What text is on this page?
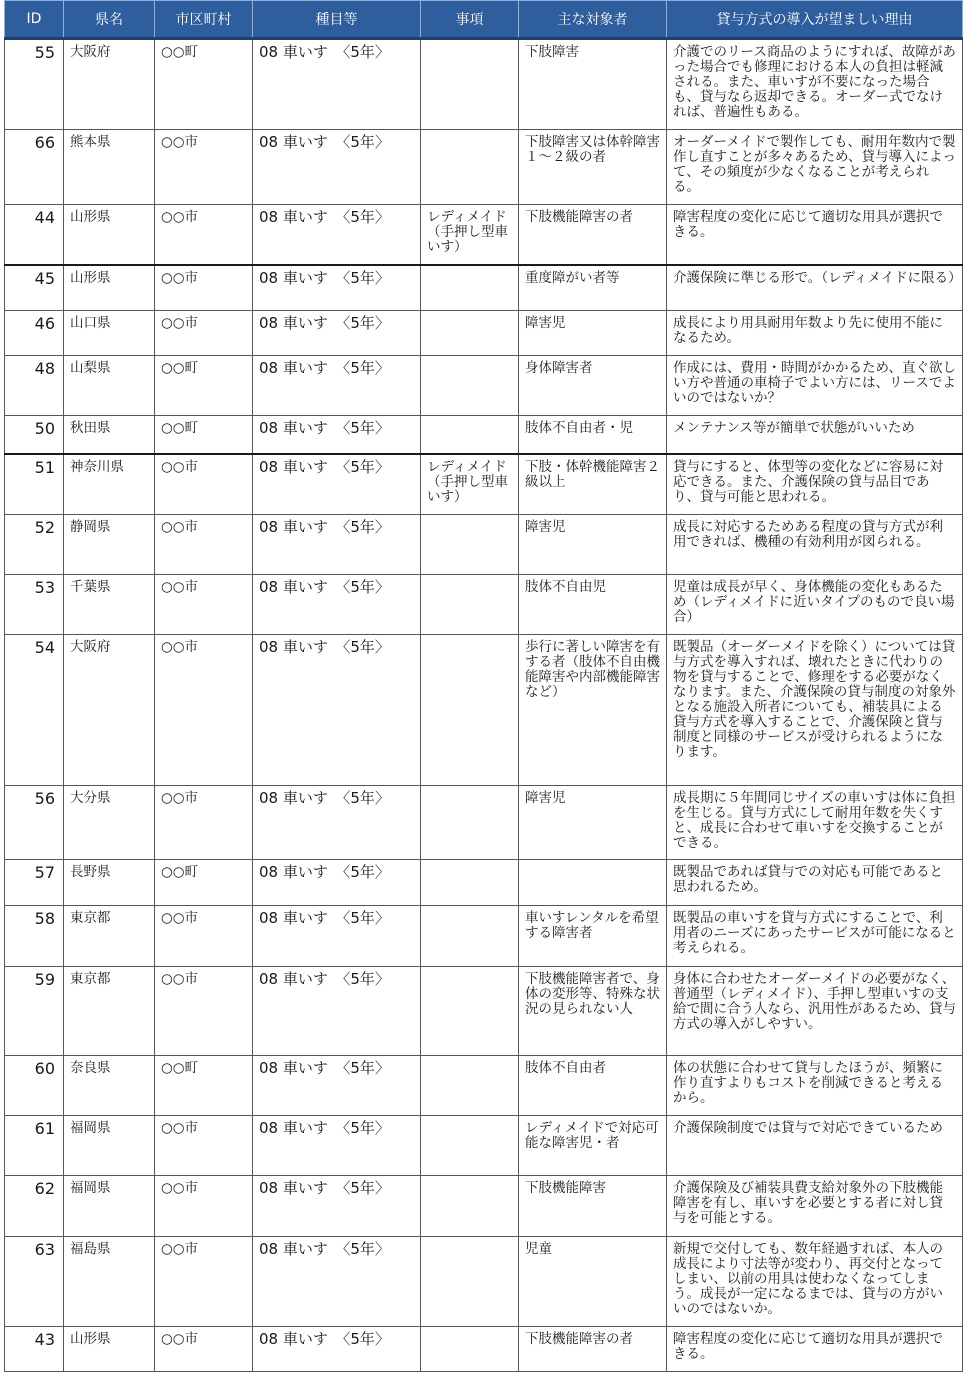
ID	県名	市区町村	種目等	事項	主な対象者	貸与方式の導入が望ましい理由
55	大阪府	○○町	08 車いす　〈5年〉		下肢障害	介護でのリース商品のようにすれば、故障があった場合でも修理における本人の負担は軽減される。また、車いすが不要になった場合も、貸与なら返却できる。オーダー式でなければ、普遍性もある。
66	熊本県	○○市	08 車いす　〈5年〉		下肢障害又は体幹障害１～２級の者	オーダーメイドで製作しても、耐用年数内で製作し直すことが多々あるため、貸与導入によって、その頻度が少なくなることが考えられる。
44	山形県	○○市	08 車いす　〈5年〉	レディメイド（手押し型車いす）	下肢機能障害の者	障害程度の変化に応じて適切な用具が選択できる。
45	山形県	○○市	08 車いす　〈5年〉		重度障がい者等	介護保険に準じる形で。（レディメイドに限る）
46	山口県	○○市	08 車いす　〈5年〉		障害児	成長により用具耐用年数より先に使用不能になるため。
48	山梨県	○○町	08 車いす　〈5年〉		身体障害者	作成には、費用・時間がかかるため、直ぐ欲しい方や普通の車椅子でよい方には、リースでよいのではないか？
50	秋田県	○○町	08 車いす　〈5年〉		肢体不自由者・児	メンテナンス等が簡単で状態がいいため
51	神奈川県	○○市	08 車いす　〈5年〉	レディメイド（手押し型車いす）	下肢・体幹機能障害２級以上	貸与にすると、体型等の変化などに容易に対応できる。また、介護保険の貸与品目であり、貸与可能と思われる。
52	静岡県	○○市	08 車いす　〈5年〉		障害児	成長に対応するためある程度の貸与方式が利用できれば、機種の有効利用が図られる。
53	千葉県	○○市	08 車いす　〈5年〉		肢体不自由児	児童は成長が早く、身体機能の変化もあるため（レディメイドに近いタイプのもので良い場合）
54	大阪府	○○市	08 車いす　〈5年〉		歩行に著しい障害を有する者（肢体不自由機能障害や内部機能障害など）	既製品（オーダーメイドを除く）については貸与方式を導入すれば、壊れたときに代わりの物を貸与することで、修理をする必要がなくなります。また、介護保険の貸与制度の対象外となる施設入所者についても、補装具による貸与方式を導入することで、介護保険と貸与制度と同様のサービスが受けられるようになります。
56	大分県	○○市	08 車いす　〈5年〉		障害児	成長期に５年間同じサイズの車いすは体に負担を生じる。貸与方式にして耐用年数を失くすと、成長に合わせて車いすを交換することができる。
57	長野県	○○町	08 車いす　〈5年〉			既製品であれば貸与での対応も可能であると思われるため。
58	東京都	○○市	08 車いす　〈5年〉		車いすレンタルを希望する障害者	既製品の車いすを貸与方式にすることで、利用者のニーズにあったサービスが可能になると考えられる。
59	東京都	○○市	08 車いす　〈5年〉		下肢機能障害者で、身体の変形等、特殊な状況の見られない人	身体に合わせたオーダーメイドの必要がなく、普通型（レディメイド）、手押し型車いすの支給で間に合う人なら、汎用性があるため、貸与方式の導入がしやすい。
60	奈良県	○○町	08 車いす　〈5年〉		肢体不自由者	体の状態に合わせて貸与したほうが、頻繁に作り直すよりもコストを削減できると考えるから。
61	福岡県	○○市	08 車いす　〈5年〉		レディメイドで対応可能な障害児・者	介護保険制度では貸与で対応できているため
62	福岡県	○○市	08 車いす　〈5年〉		下肢機能障害	介護保険及び補装具費支給対象外の下肢機能障害を有し、車いすを必要とする者に対し貸与を可能とする。
63	福島県	○○市	08 車いす　〈5年〉		児童	新規で交付しても、数年経過すれば、本人の成長により寸法等が変わり、再交付となってしまい、以前の用具は使わなくなってしまう。成長が一定になるまでは、貸与の方がいいのではないか。
43	山形県	○○市	08 車いす　〈5年〉		下肢機能障害の者	障害程度の変化に応じて適切な用具が選択できる。
